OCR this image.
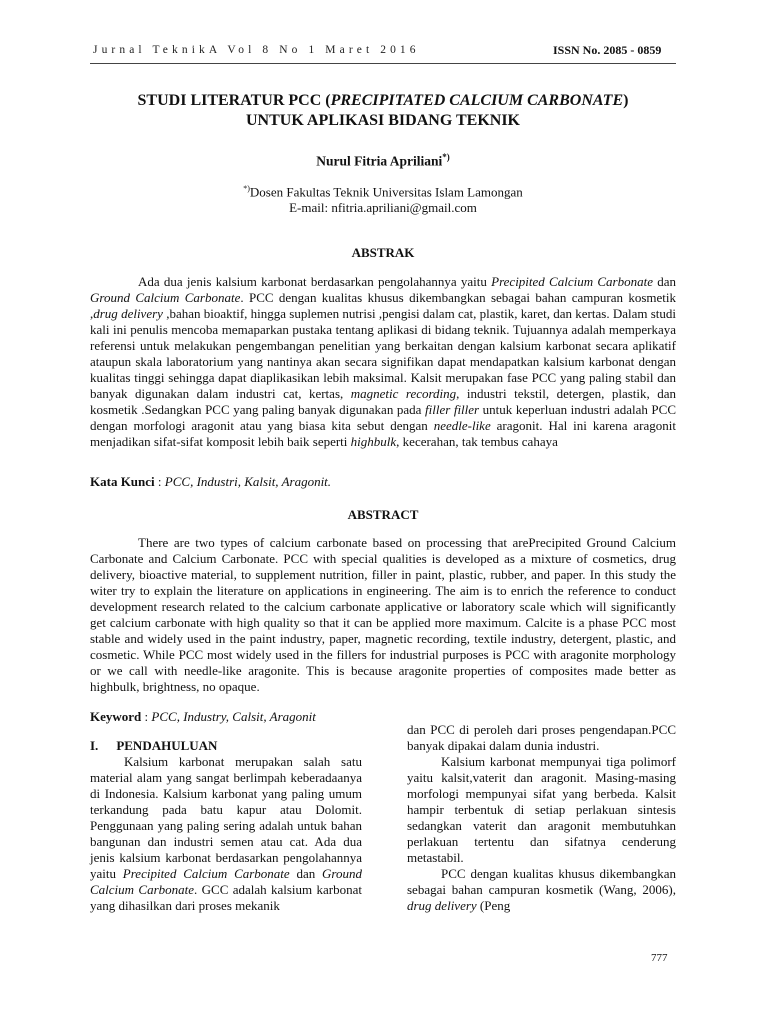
Jurnal TeknikA Vol 8 No 1 Maret 2016	ISSN No. 2085 - 0859
STUDI LITERATUR PCC (PRECIPITATED CALCIUM CARBONATE)
UNTUK APLIKASI BIDANG TEKNIK
Nurul Fitria Apriliani*)
*)Dosen Fakultas Teknik Universitas Islam Lamongan
E-mail: nfitria.apriliani@gmail.com
ABSTRAK
Ada dua jenis kalsium karbonat berdasarkan pengolahannya yaitu Precipited Calcium Carbonate dan Ground Calcium Carbonate. PCC dengan kualitas khusus dikembangkan sebagai bahan campuran kosmetik ,drug delivery ,bahan bioaktif, hingga suplemen nutrisi ,pengisi dalam cat, plastik, karet, dan kertas. Dalam studi kali ini penulis mencoba memaparkan pustaka tentang aplikasi di bidang teknik. Tujuannya adalah memperkaya referensi untuk melakukan pengembangan penelitian yang berkaitan dengan kalsium karbonat secara aplikatif ataupun skala laboratorium yang nantinya akan secara signifikan dapat mendapatkan kalsium karbonat dengan kualitas tinggi sehingga dapat diaplikasikan lebih maksimal. Kalsit merupakan fase PCC yang paling stabil dan banyak digunakan dalam industri cat, kertas, magnetic recording, industri tekstil, detergen, plastik, dan kosmetik .Sedangkan PCC yang paling banyak digunakan pada filler filler untuk keperluan industri adalah PCC dengan morfologi aragonit atau yang biasa kita sebut dengan needle-like aragonit. Hal ini karena aragonit menjadikan sifat-sifat komposit lebih baik seperti highbulk, kecerahan, tak tembus cahaya
Kata Kunci : PCC, Industri, Kalsit, Aragonit.
ABSTRACT
There are two types of calcium carbonate based on processing that arePrecipited Ground Calcium Carbonate and Calcium Carbonate. PCC with special qualities is developed as a mixture of cosmetics, drug delivery, bioactive material, to supplement nutrition, filler in paint, plastic, rubber, and paper. In this study the witer try to explain the literature on applications in engineering. The aim is to enrich the reference to conduct development research related to the calcium carbonate applicative or laboratory scale which will significantly get calcium carbonate with high quality so that it can be applied more maximum. Calcite is a phase PCC most stable and widely used in the paint industry, paper, magnetic recording, textile industry, detergent, plastic, and cosmetic. While PCC most widely used in the fillers for industrial purposes is PCC with aragonite morphology or we call with needle-like aragonite. This is because aragonite properties of composites made better as highbulk, brightness, no opaque.
Keyword : PCC, Industry, Calsit, Aragonit
I. PENDAHULUAN
Kalsium karbonat merupakan salah satu material alam yang sangat berlimpah keberadaanya di Indonesia. Kalsium karbonat yang paling umum terkandung pada batu kapur atau Dolomit. Penggunaan yang paling sering adalah untuk bahan bangunan dan industri semen atau cat. Ada dua jenis kalsium karbonat berdasarkan pengolahannya yaitu Precipited Calcium Carbonate dan Ground Calcium Carbonate. GCC adalah kalsium karbonat yang dihasilkan dari proses mekanik
dan PCC di peroleh dari proses pengendapan.PCC banyak dipakai dalam dunia industri.
Kalsium karbonat mempunyai tiga polimorf yaitu kalsit,vaterit dan aragonit. Masing-masing morfologi mempunyai sifat yang berbeda. Kalsit hampir terbentuk di setiap perlakuan sintesis sedangkan vaterit dan aragonit membutuhkan perlakuan tertentu dan sifatnya cenderung metastabil.
PCC dengan kualitas khusus dikembangkan sebagai bahan campuran kosmetik (Wang, 2006), drug delivery (Peng
777
